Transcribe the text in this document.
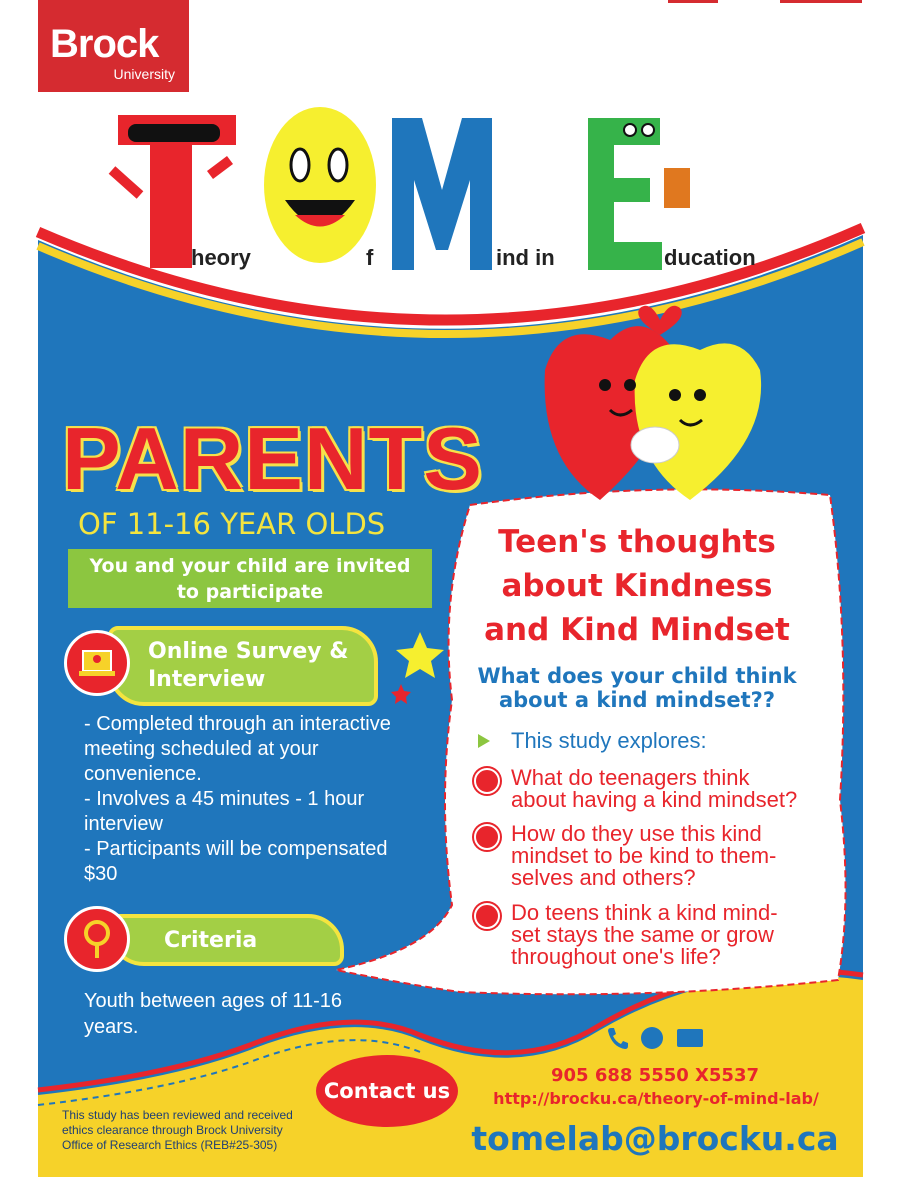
Brock
University
heory	f	ind in	ducation
PARENTS
OF 11-16 YEAR OLDS
You and your child are invited
to participate
Online Survey &
Interview
- Completed through an interactive
meeting scheduled at your
convenience.
- Involves a 45 minutes - 1 hour
interview
- Participants will be compensated
$30
Criteria
Youth between ages of 11-16
years.
Teen's thoughts
about Kindness
and Kind Mindset
What does your child think
about a kind mindset??
This study explores:
What do teenagers think
about having a kind mindset?
How do they use this kind
mindset to be kind to them-
selves and others?
Do teens think a kind mind-
set stays the same or grow
throughout one's life?
Contact us
905 688 5550 X5537
http://brocku.ca/theory-of-mind-lab/
tomelab@brocku.ca
This study has been reviewed and received
ethics clearance through Brock University
Office of Research Ethics (REB#25-305)
